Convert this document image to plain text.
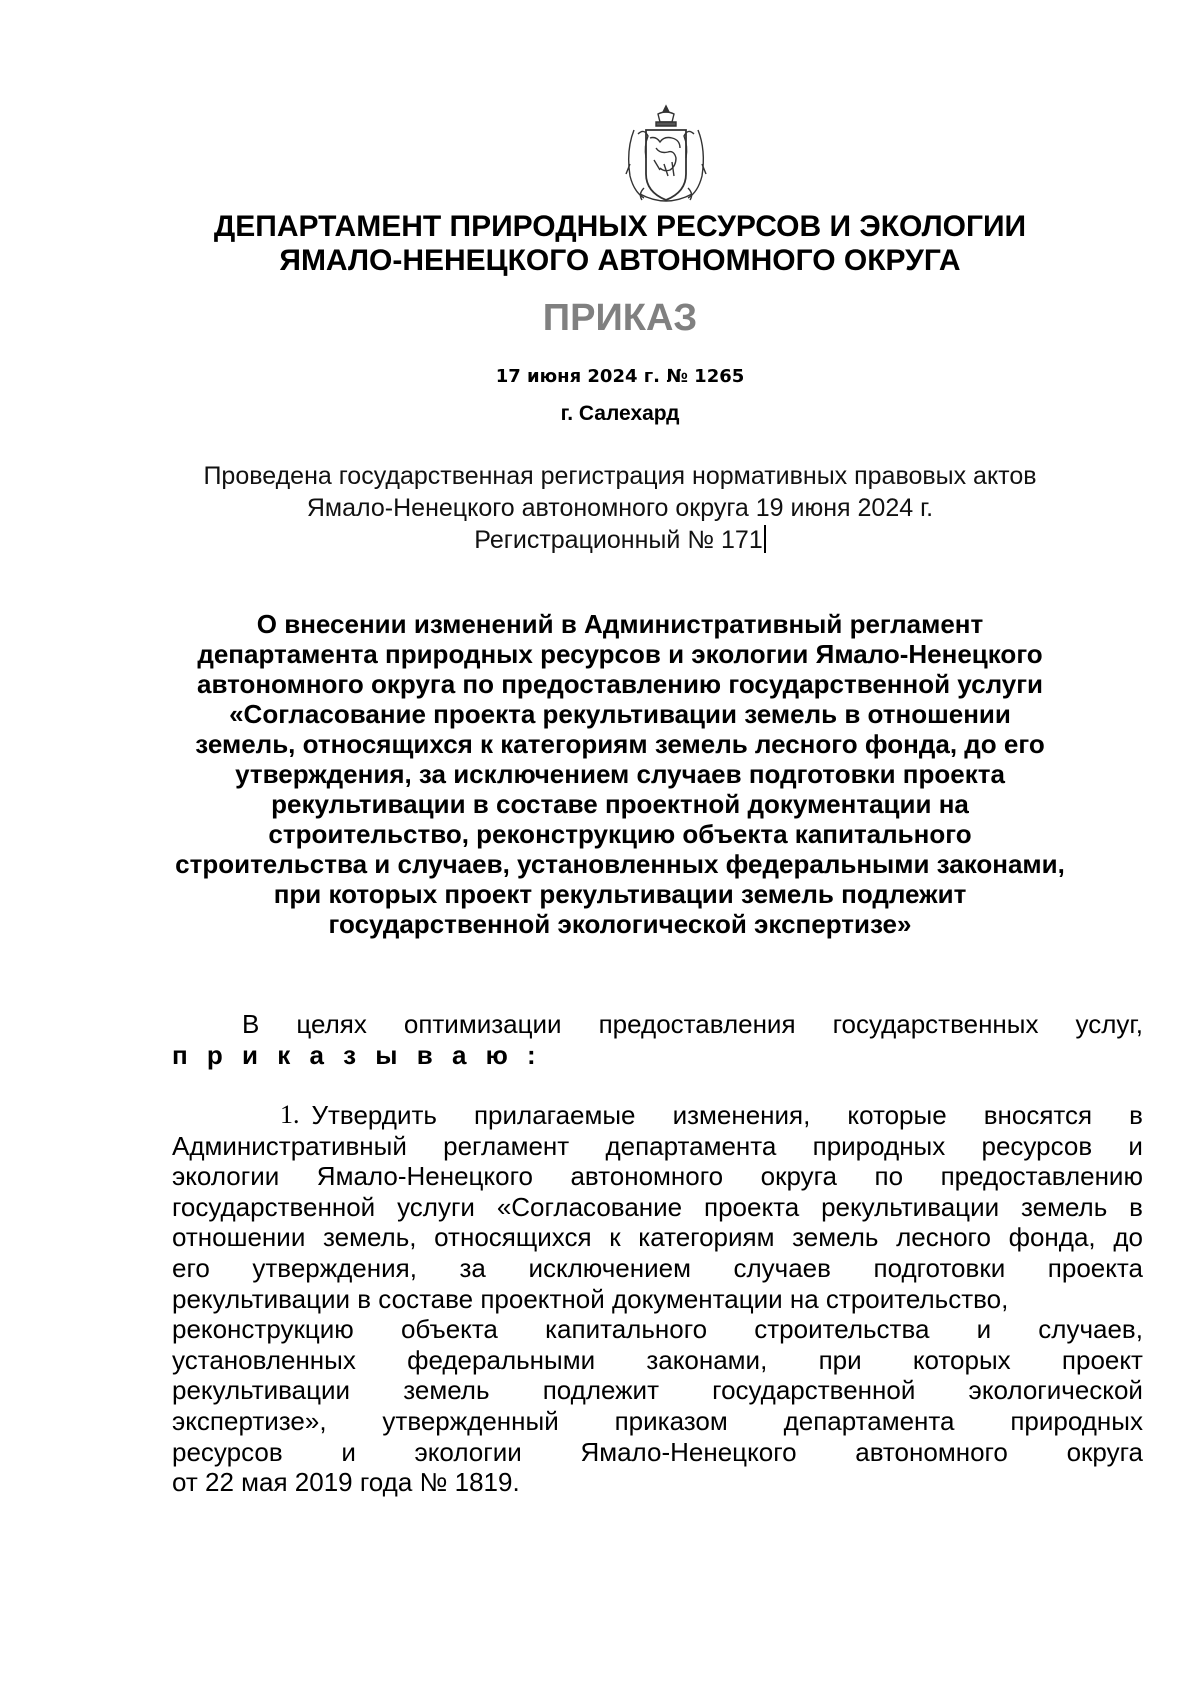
ДЕПАРТАМЕНТ ПРИРОДНЫХ РЕСУРСОВ И ЭКОЛОГИИ
ЯМАЛО-НЕНЕЦКОГО АВТОНОМНОГО ОКРУГА
ПРИКАЗ
17 июня 2024 г. № 1265
г. Салехард
Проведена государственная регистрация нормативных правовых актов
Ямало-Ненецкого автономного округа 19 июня 2024 г.
Регистрационный № 171
О внесении изменений в Административный регламент
департамента природных ресурсов и экологии Ямало-Ненецкого
автономного округа по предоставлению государственной услуги
«Согласование проекта рекультивации земель в отношении
земель, относящихся к категориям земель лесного фонда, до его
утверждения, за исключением случаев подготовки проекта
рекультивации в составе проектной документации на
строительство, реконструкцию объекта капитального
строительства и случаев, установленных федеральными законами,
при которых проект рекультивации земель подлежит
государственной экологической экспертизе»
В целях оптимизации предоставления государственных услуг,
п р и к а з ы в а ю :
1. Утвердить прилагаемые изменения, которые вносятся в
Административный регламент департамента природных ресурсов и
экологии Ямало-Ненецкого автономного округа по предоставлению
государственной услуги «Согласование проекта рекультивации земель в
отношении земель, относящихся к категориям земель лесного фонда, до
его утверждения, за исключением случаев подготовки проекта
рекультивации в составе проектной документации на строительство,
реконструкцию объекта капитального строительства и случаев,
установленных федеральными законами, при которых проект
рекультивации земель подлежит государственной экологической
экспертизе», утвержденный приказом департамента природных
ресурсов и экологии Ямало-Ненецкого автономного округа
от 22 мая 2019 года № 1819.
